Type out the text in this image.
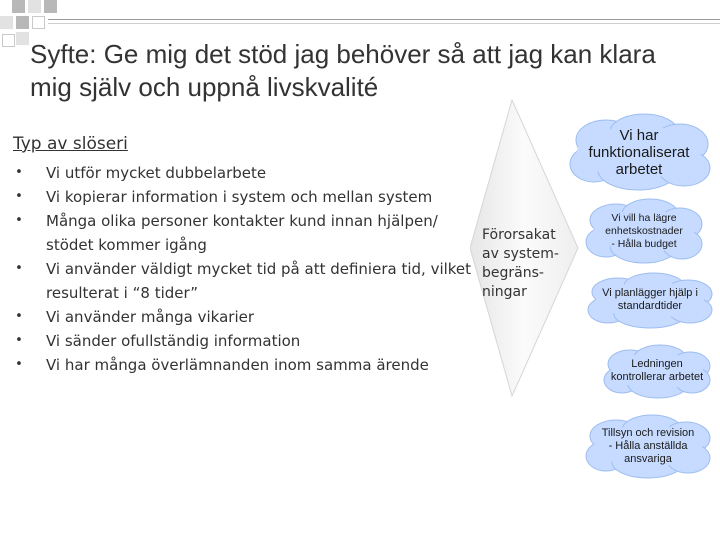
Syfte: Ge mig det stöd jag behöver så att jag kan klara mig själv och uppnå livskvalité
Typ av slöseri
• Vi utför mycket dubbelarbete
• Vi kopierar information i system och mellan system
• Många olika personer kontakter kund innan hjälpen/ stödet kommer igång
• Vi använder väldigt mycket tid på att definiera tid, vilket resulterat i “8 tider”
• Vi använder många vikarier
• Vi sänder ofullständig information
• Vi har många överlämnanden inom samma ärende
Förorsakat
av system-
begräns-
ningar
Vi har
funktionaliserat
arbetet
Vi vill ha lägre
enhetskostnader
- Hålla budget
Vi planlägger hjälp i
standardtider
Ledningen
kontrollerar arbetet
Tillsyn och revision
- Hålla anställda
ansvariga
